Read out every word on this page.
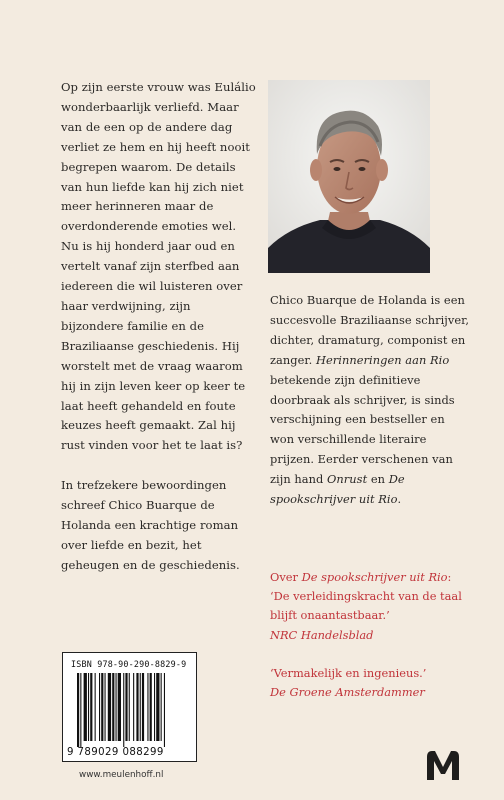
Op zijn eerste vrouw was Eulálio wonderbaarlijk verliefd. Maar van de een op de andere dag verliet ze hem en hij heeft nooit begrepen waarom. De details van hun liefde kan hij zich niet meer herinneren maar de overdonderende emoties wel. Nu is hij honderd jaar oud en vertelt vanaf zijn sterfbed aan iedereen die wil luisteren over haar verdwijning, zijn bijzondere familie en de Braziliaanse geschiedenis. Hij worstelt met de vraag waarom hij in zijn leven keer op keer te laat heeft gehandeld en foute keuzes heeft gemaakt. Zal hij rust vinden voor het te laat is?

In trefzekere bewoordingen schreef Chico Buarque de Holanda een krachtige roman over liefde en bezit, het geheugen en de geschiedenis.

Chico Buarque de Holanda is een succesvolle Braziliaanse schrijver, dichter, dramaturg, componist en zanger. Herinneringen aan Rio betekende zijn definitieve doorbraak als schrijver, is sinds verschijning een bestseller en won verschillende literaire prijzen. Eerder verschenen van zijn hand Onrust en De spookschrijver uit Rio.

Over De spookschrijver uit Rio:
‘De verleidingskracht van de taal blijft onaantastbaar.’
NRC Handelsblad

‘Vermakelijk en ingenieus.’
De Groene Amsterdammer

ISBN 978-90-290-8829-9
9 789029 088299
www.meulenhoff.nl
